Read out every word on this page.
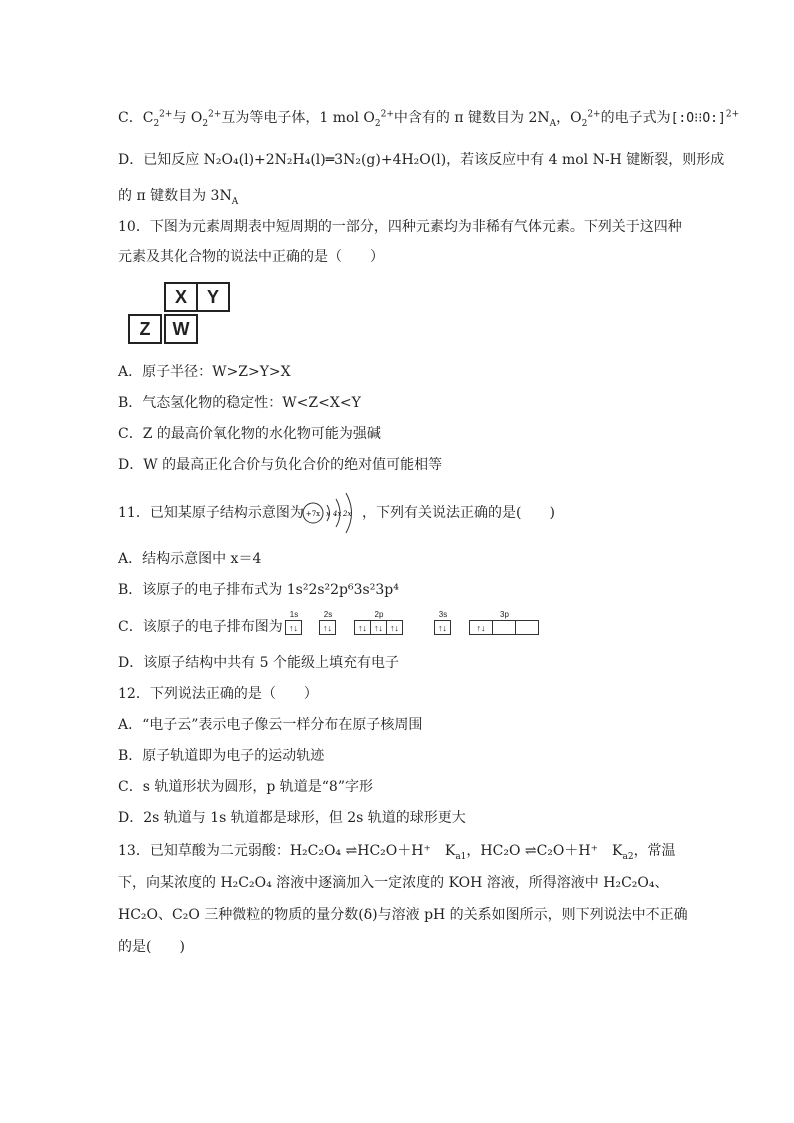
C．$C_2^{2+}$与 $O_2^{2+}$互为等电子体，1 mol $O_2^{2+}$中含有的 π 键数目为 $2N_A$，$O_2^{2+}$的电子式为[:O⁝⁝O:]$^{2+}$
D．已知反应 N₂O₄(l)+2N₂H₄(l)═3N₂(g)+4H₂O(l)，若该反应中有 4 mol N-H 键断裂，则形成
的 π 键数目为 $3N_A$
10．下图为元素周期表中短周期的一部分，四种元素均为非稀有气体元素。下列关于这四种
元素及其化合物的说法中正确的是（　　）
X	Y
Z	W
A．原子半径：W>Z>Y>X
B．气态氢化物的稳定性：W<Z<X<Y
C．Z 的最高价氧化物的水化物可能为强碱
D．W 的最高正化合价与负化合价的绝对值可能相等
11．已知某原子结构示意图为 +7x x 4x 2x ，下列有关说法正确的是(　　)
A．结构示意图中 x＝4
B．该原子的电子排布式为 1s²2s²2p⁶3s²3p⁴
C．该原子的电子排布图为
1s
↑↓
2s
↑↓
2p
↑↓ ↑↓ ↑↓
3s
↑↓
3p
↑↓
D．该原子结构中共有 5 个能级上填充有电子
12．下列说法正确的是（　　）
A．“电子云”表示电子像云一样分布在原子核周围
B．原子轨道即为电子的运动轨迹
C．s 轨道形状为圆形，p 轨道是“8”字形
D．2s 轨道与 1s 轨道都是球形，但 2s 轨道的球形更大
13．已知草酸为二元弱酸：H₂C₂O₄ ⇌HC₂O＋H⁺　$K_{a1}$，HC₂O ⇌C₂O＋H⁺　$K_{a2}$，常温
下，向某浓度的 H₂C₂O₄ 溶液中逐滴加入一定浓度的 KOH 溶液，所得溶液中 H₂C₂O₄、
HC₂O、C₂O 三种微粒的物质的量分数(δ)与溶液 pH 的关系如图所示，则下列说法中不正确
的是(　　)
